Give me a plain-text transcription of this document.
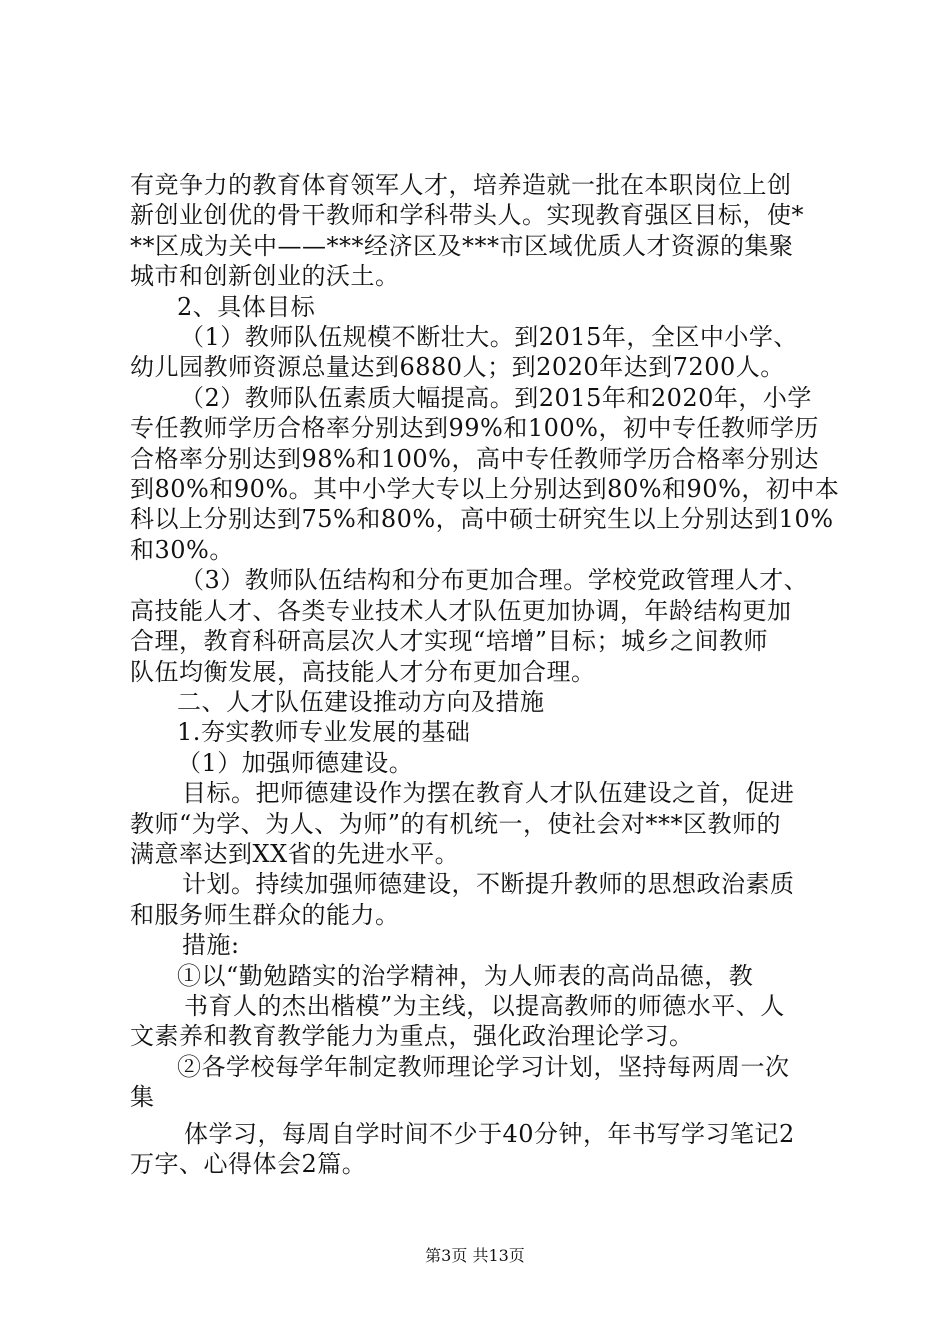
有竞争力的教育体育领军人才，培养造就一批在本职岗位上创
新创业创优的骨干教师和学科带头人。实现教育强区目标，使*
**区成为关中——***经济区及***市区域优质人才资源的集聚
城市和创新创业的沃土。
2、具体目标
（1）教师队伍规模不断壮大。到2015年，全区中小学、
幼儿园教师资源总量达到6880人；到2020年达到7200人。
（2）教师队伍素质大幅提高。到2015年和2020年，小学
专任教师学历合格率分别达到99%和100%，初中专任教师学历
合格率分别达到98%和100%，高中专任教师学历合格率分别达
到80%和90%。其中小学大专以上分别达到80%和90%，初中本
科以上分别达到75%和80%，高中硕士研究生以上分别达到10%
和30%。
（3）教师队伍结构和分布更加合理。学校党政管理人才、
高技能人才、各类专业技术人才队伍更加协调，年龄结构更加
合理，教育科研高层次人才实现“培增”目标；城乡之间教师
队伍均衡发展，高技能人才分布更加合理。
二、人才队伍建设推动方向及措施
1.夯实教师专业发展的基础
（1）加强师德建设。
目标。把师德建设作为摆在教育人才队伍建设之首，促进
教师“为学、为人、为师”的有机统一，使社会对***区教师的
满意率达到XX省的先进水平。
计划。持续加强师德建设，不断提升教师的思想政治素质
和服务师生群众的能力。
措施:
①以“勤勉踏实的治学精神，为人师表的高尚品德，教
书育人的杰出楷模”为主线，以提高教师的师德水平、人
文素养和教育教学能力为重点，强化政治理论学习。
②各学校每学年制定教师理论学习计划，坚持每两周一次
集
体学习，每周自学时间不少于40分钟，年书写学习笔记2
万字、心得体会2篇。
第3页 共13页
